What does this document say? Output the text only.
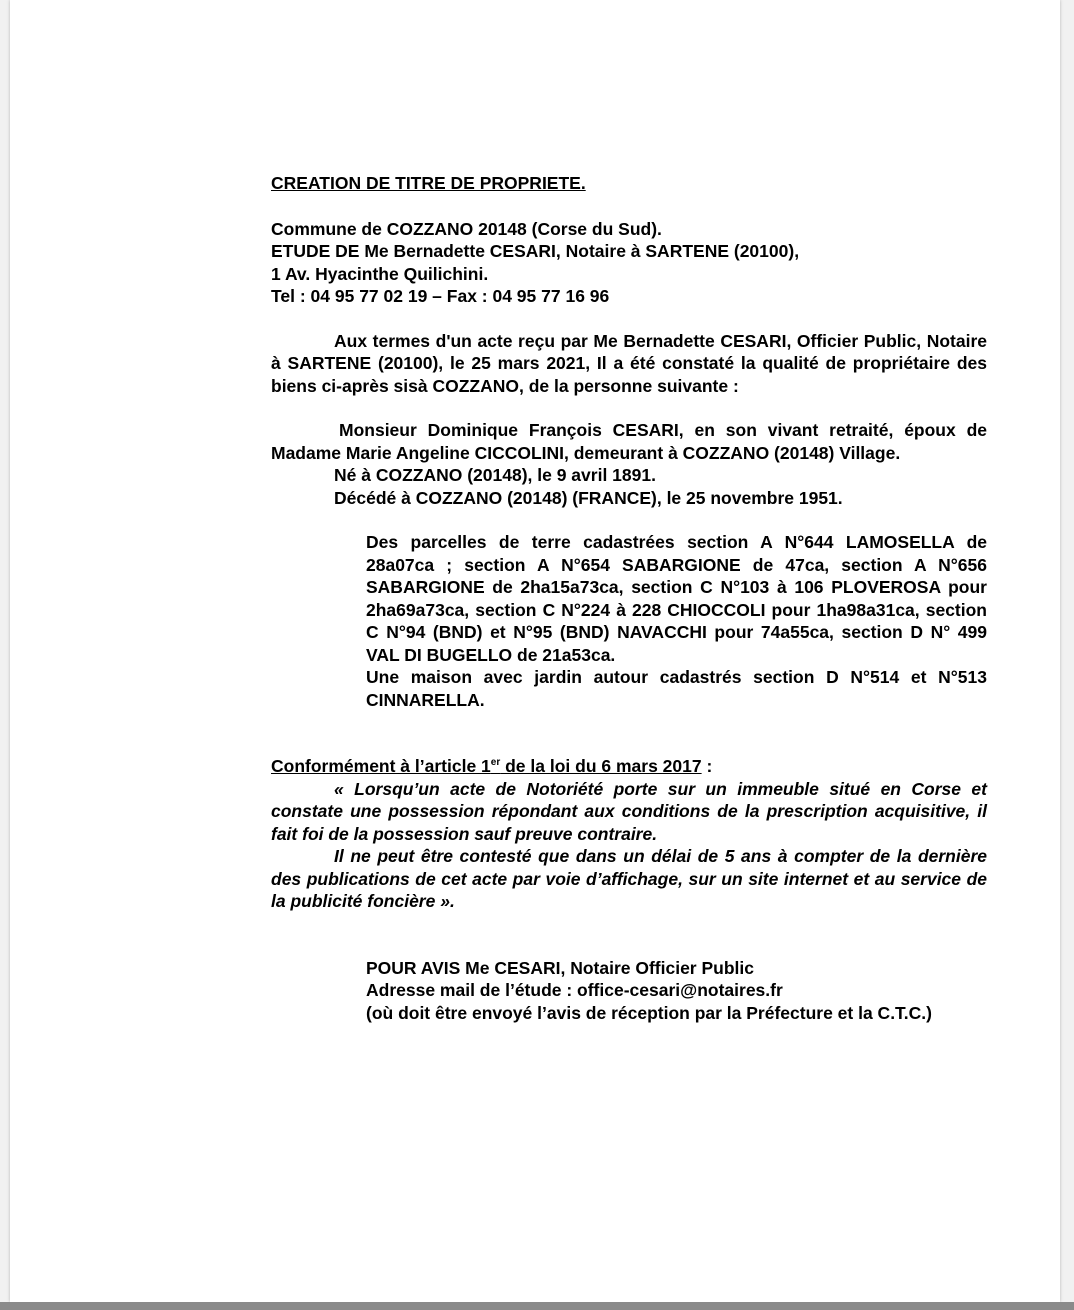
CREATION DE TITRE DE PROPRIETE.

Commune de COZZANO 20148 (Corse du Sud).
ETUDE DE Me Bernadette CESARI, Notaire à SARTENE (20100),
1 Av. Hyacinthe Quilichini.
Tel : 04 95 77 02 19 – Fax : 04 95 77 16 96

Aux termes d'un acte reçu par Me Bernadette CESARI, Officier Public, Notaire à SARTENE (20100), le 25 mars 2021, Il a été constaté la qualité de propriétaire des biens ci-après sisà COZZANO, de la personne suivante :

Monsieur Dominique François CESARI, en son vivant retraité, époux de Madame Marie Angeline CICCOLINI, demeurant à COZZANO (20148) Village.

Né à COZZANO (20148), le 9 avril 1891.

Décédé à COZZANO (20148) (FRANCE), le 25 novembre 1951.

Des parcelles de terre cadastrées section A N°644 LAMOSELLA de 28a07ca ; section A N°654 SABARGIONE de 47ca, section A N°656 SABARGIONE de 2ha15a73ca, section C N°103 à 106 PLOVEROSA pour 2ha69a73ca, section C N°224 à 228 CHIOCCOLI pour 1ha98a31ca, section C N°94 (BND) et N°95 (BND) NAVACCHI pour 74a55ca, section D N° 499 VAL DI BUGELLO de 21a53ca.

Une maison avec jardin autour cadastrés section D N°514 et N°513 CINNARELLA.

Conformément à l’article 1er de la loi du 6 mars 2017 :

« Lorsqu’un acte de Notoriété porte sur un immeuble situé en Corse et constate une possession répondant aux conditions de la prescription acquisitive, il fait foi de la possession sauf preuve contraire.

Il ne peut être contesté que dans un délai de 5 ans à compter de la dernière des publications de cet acte par voie d’affichage, sur un site internet et au service de la publicité foncière ».

POUR AVIS Me CESARI, Notaire Officier Public

Adresse mail de l’étude : office-cesari@notaires.fr

(où doit être envoyé l’avis de réception par la Préfecture et la C.T.C.)
